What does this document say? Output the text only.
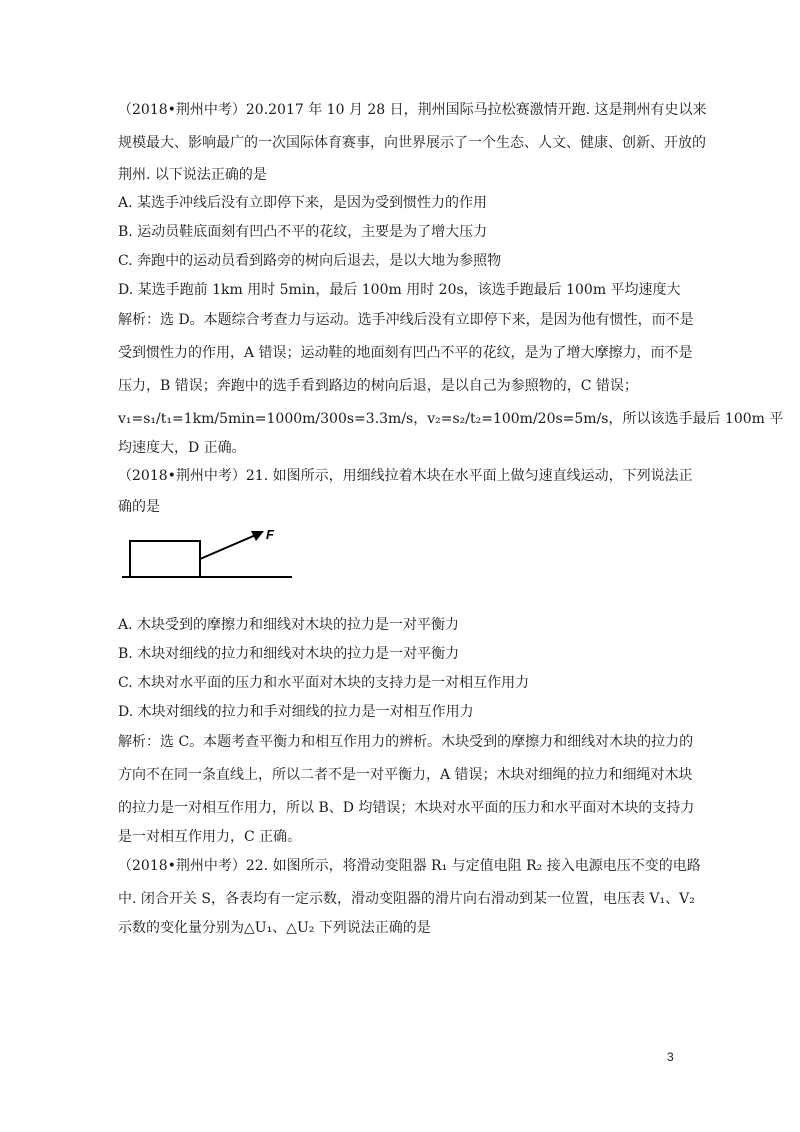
（2018•荆州中考）20.2017 年 10 月 28 日，荆州国际马拉松赛激情开跑. 这是荆州有史以来
规模最大、影响最广的一次国际体育赛事，向世界展示了一个生态、人文、健康、创新、开放的
荆州. 以下说法正确的是
A. 某选手冲线后没有立即停下来，是因为受到惯性力的作用
B. 运动员鞋底面刻有凹凸不平的花纹，主要是为了增大压力
C. 奔跑中的运动员看到路旁的树向后退去，是以大地为参照物
D. 某选手跑前 1km 用时 5min，最后 100m 用时 20s，该选手跑最后 100m 平均速度大
解析：选 D。本题综合考查力与运动。选手冲线后没有立即停下来，是因为他有惯性，而不是
受到惯性力的作用，A 错误；运动鞋的地面刻有凹凸不平的花纹，是为了增大摩擦力，而不是
压力，B 错误；奔跑中的选手看到路边的树向后退，是以自己为参照物的，C 错误；
v₁=s₁/t₁=1km/5min=1000m/300s=3.3m/s，v₂=s₂/t₂=100m/20s=5m/s，所以该选手最后 100m 平
均速度大，D 正确。
（2018•荆州中考）21. 如图所示，用细线拉着木块在水平面上做匀速直线运动，下列说法正
确的是
F
A. 木块受到的摩擦力和细线对木块的拉力是一对平衡力
B. 木块对细线的拉力和细线对木块的拉力是一对平衡力
C. 木块对水平面的压力和水平面对木块的支持力是一对相互作用力
D. 木块对细线的拉力和手对细线的拉力是一对相互作用力
解析：选 C。本题考查平衡力和相互作用力的辨析。木块受到的摩擦力和细线对木块的拉力的
方向不在同一条直线上，所以二者不是一对平衡力，A 错误；木块对细绳的拉力和细绳对木块
的拉力是一对相互作用力，所以 B、D 均错误；木块对水平面的压力和水平面对木块的支持力
是一对相互作用力，C 正确。
（2018•荆州中考）22. 如图所示，将滑动变阻器 R₁ 与定值电阻 R₂ 接入电源电压不变的电路
中. 闭合开关 S，各表均有一定示数，滑动变阻器的滑片向右滑动到某一位置，电压表 V₁、V₂
示数的变化量分别为△U₁、△U₂ 下列说法正确的是
3
